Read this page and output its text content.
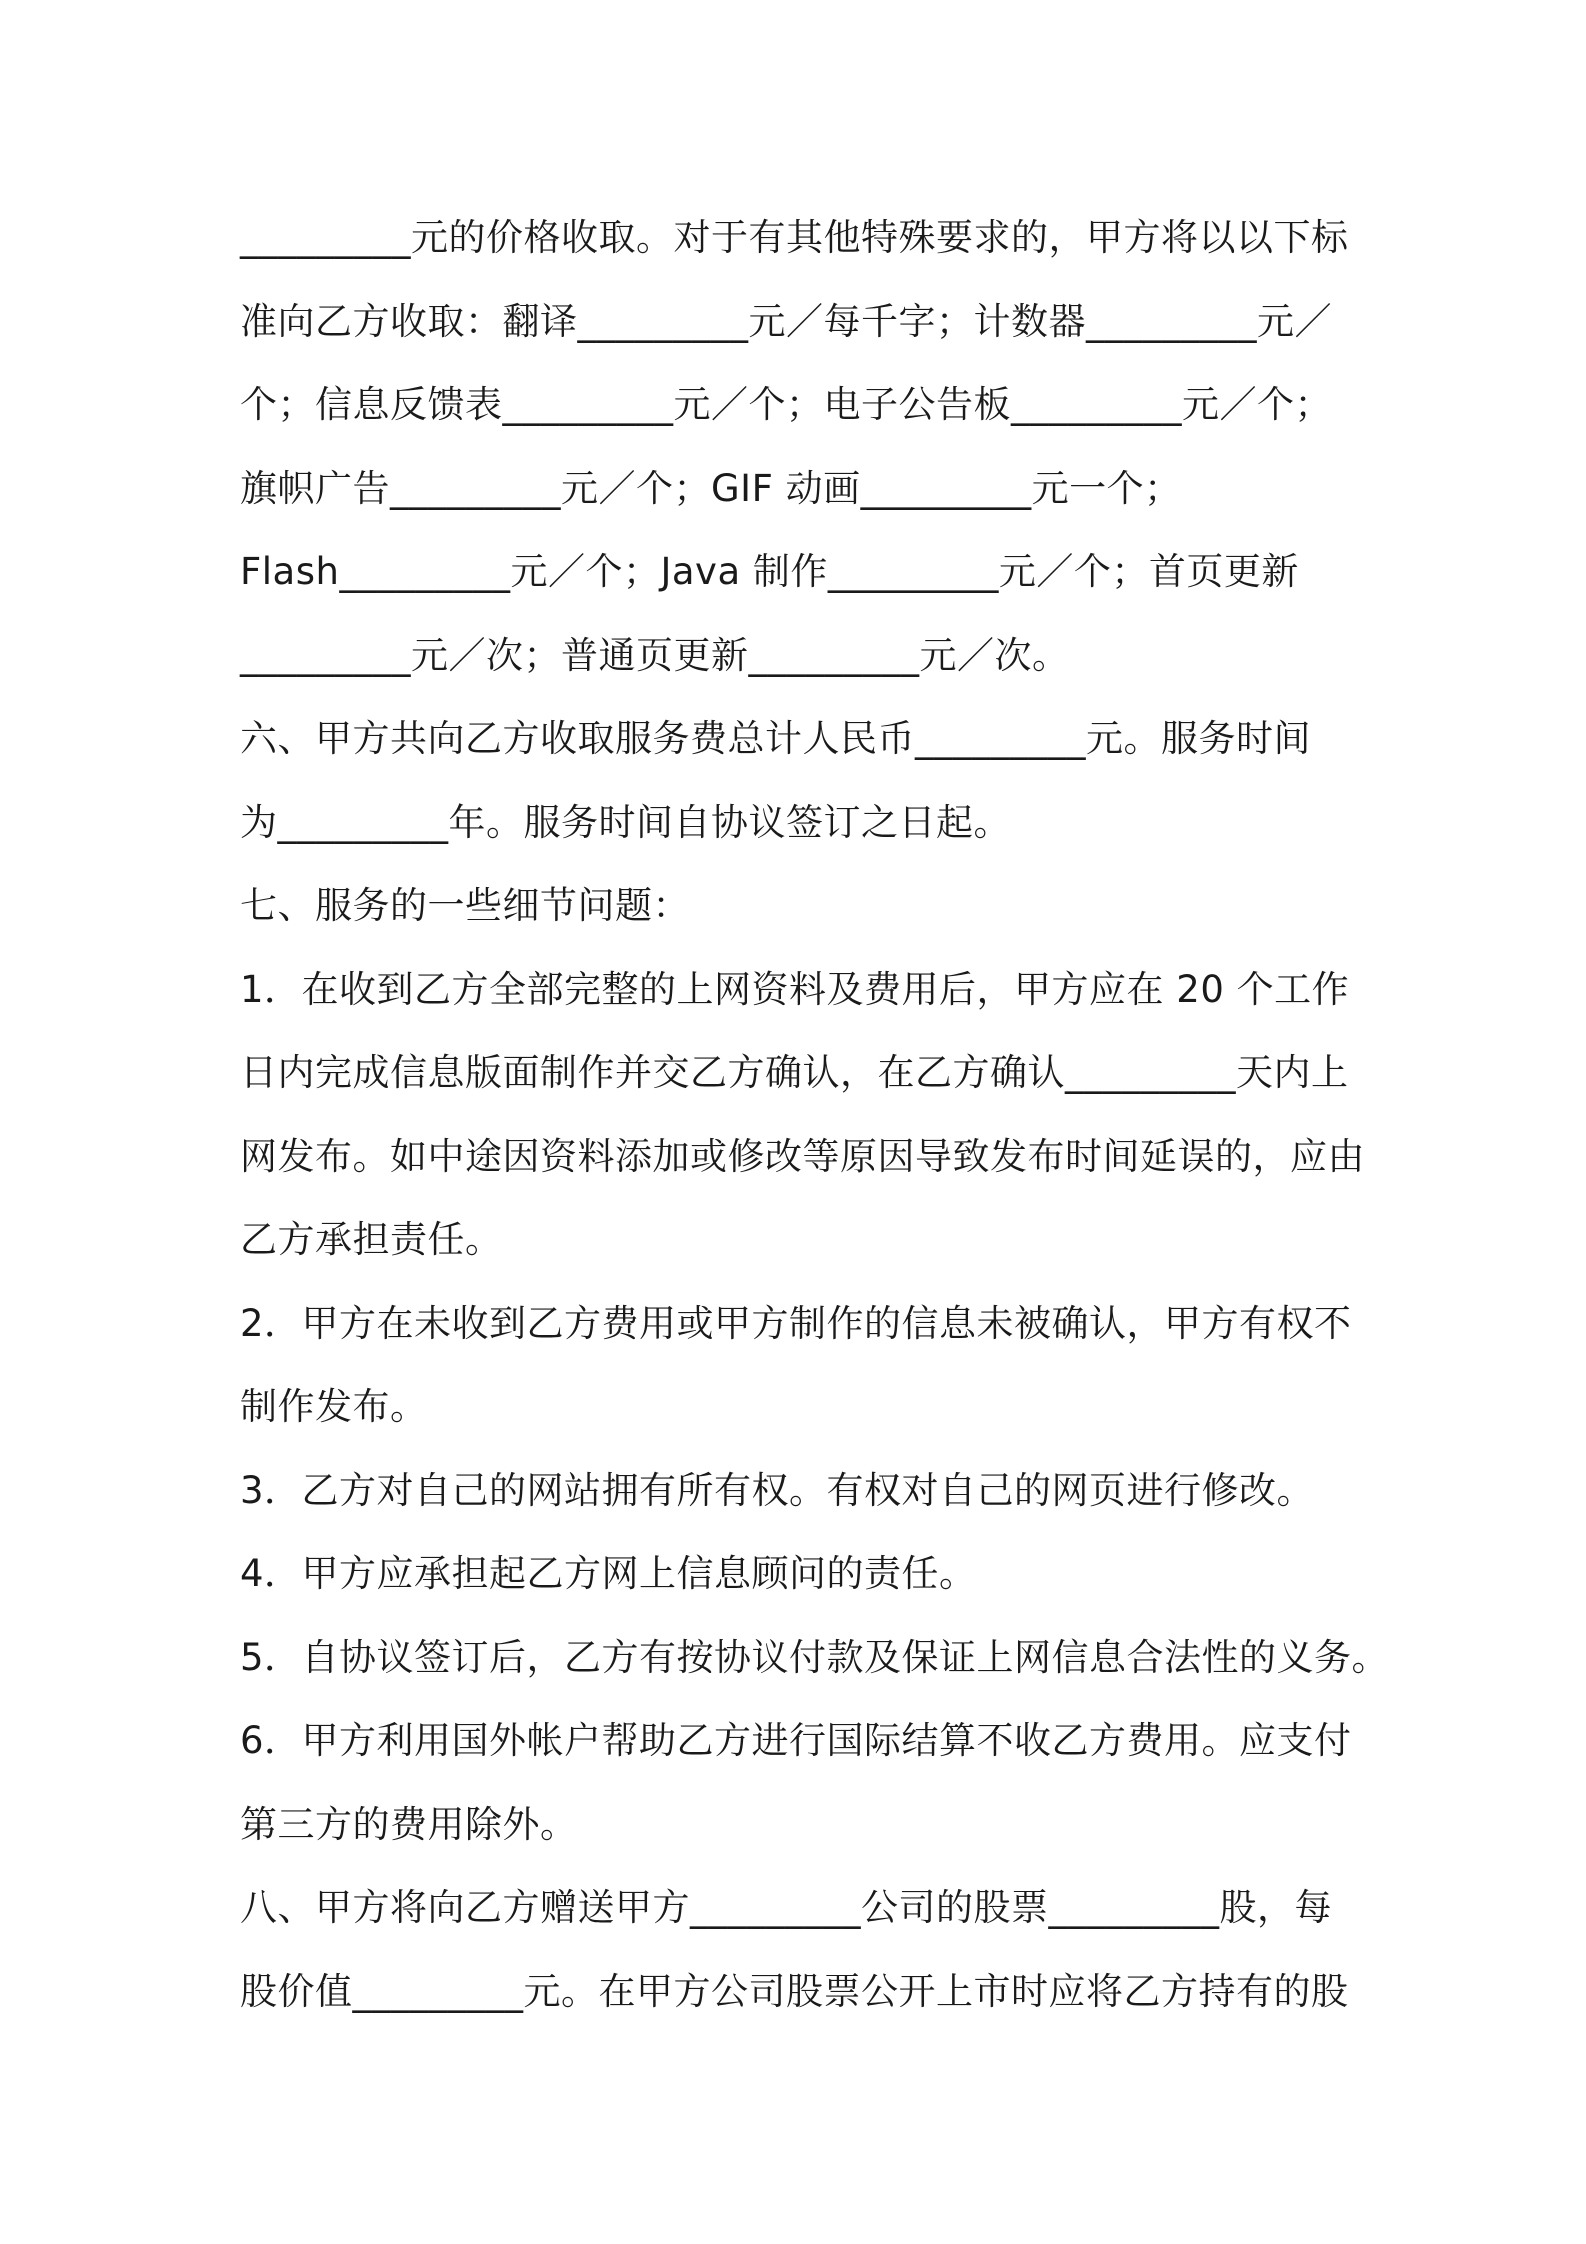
_________元的价格收取。对于有其他特殊要求的，甲方将以以下标
准向乙方收取：翻译_________元／每千字；计数器_________元／
个；信息反馈表_________元／个；电子公告板_________元／个；
旗帜广告_________元／个；GIF 动画_________元一个；
Flash_________元／个；Java 制作_________元／个；首页更新
_________元／次；普通页更新_________元／次。
六、甲方共向乙方收取服务费总计人民币_________元。服务时间
为_________年。服务时间自协议签订之日起。
七、服务的一些细节问题：
1．在收到乙方全部完整的上网资料及费用后，甲方应在 20 个工作
日内完成信息版面制作并交乙方确认，在乙方确认_________天内上
网发布。如中途因资料添加或修改等原因导致发布时间延误的，应由
乙方承担责任。
2．甲方在未收到乙方费用或甲方制作的信息未被确认，甲方有权不
制作发布。
3．乙方对自己的网站拥有所有权。有权对自己的网页进行修改。
4．甲方应承担起乙方网上信息顾问的责任。
5．自协议签订后，乙方有按协议付款及保证上网信息合法性的义务。
6．甲方利用国外帐户帮助乙方进行国际结算不收乙方费用。应支付
第三方的费用除外。
八、甲方将向乙方赠送甲方_________公司的股票_________股，每
股价值_________元。在甲方公司股票公开上市时应将乙方持有的股
